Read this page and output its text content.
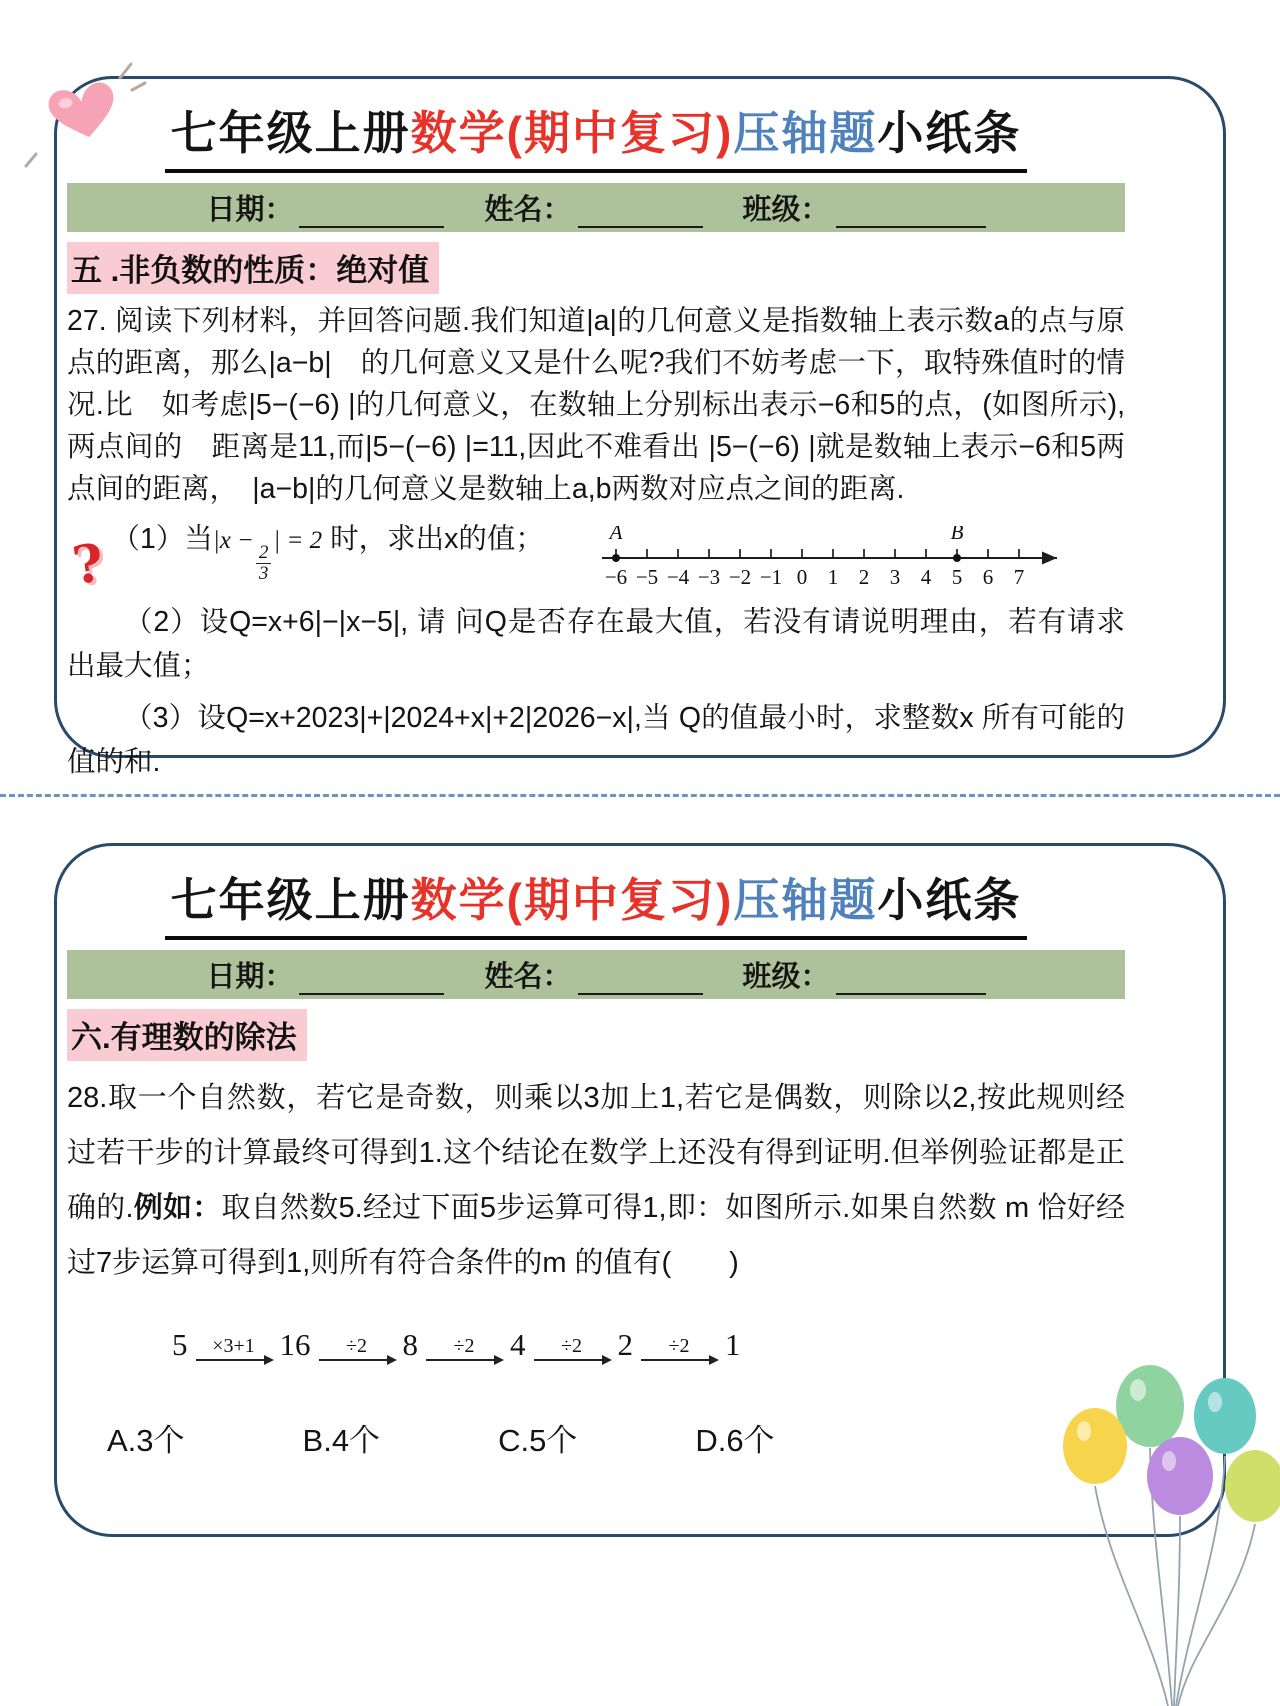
七年级上册数学(期中复习)压轴题小纸条
日期：	姓名：	班级：
五 .非负数的性质：绝对值

27. 阅读下列材料，并回答问题.我们知道|a|的几何意义是指数轴上表示数a的点与原点的距离，那么|a−b|　的几何意义又是什么呢?我们不妨考虑一下，取特殊值时的情况.比　如考虑|5−(−6) |的几何意义，在数轴上分别标出表示−6和5的点，(如图所示),两点间的　距离是11,而|5−(−6) |=11,因此不难看出 |5−(−6) |就是数轴上表示−6和5两点间的距离，　|a−b|的几何意义是数轴上a,b两数对应点之间的距离.

? （1）当|x −
$\frac{2}{3}$
| = 2 时，求出x的值；
−6 −5 −4 −3 −2 −1 0 1 2 3 4 5 6 7
A	B

（2）设Q=x+6|−|x−5|, 请 问Q是否存在最大值，若没有请说明理由，若有请求出最大值；

（3）设Q=x+2023|+|2024+x|+2|2026−x|,当 Q的值最小时，求整数x 所有可能的值的和.

七年级上册数学(期中复习)压轴题小纸条
日期：	姓名：	班级：
六.有理数的除法

28.取一个自然数，若它是奇数，则乘以3加上1,若它是偶数，则除以2,按此规则经过若干步的计算最终可得到1.这个结论在数学上还没有得到证明.但举例验证都是正确的.例如：取自然数5.经过下面5步运算可得1,即：如图所示.如果自然数 m 恰好经过7步运算可得到1,则所有符合条件的m 的值有(　　)

5 ×3+1 16 ÷2 8 ÷2 4 ÷2 2 ÷2 1
A.3个	B.4个	C.5个	D.6个
